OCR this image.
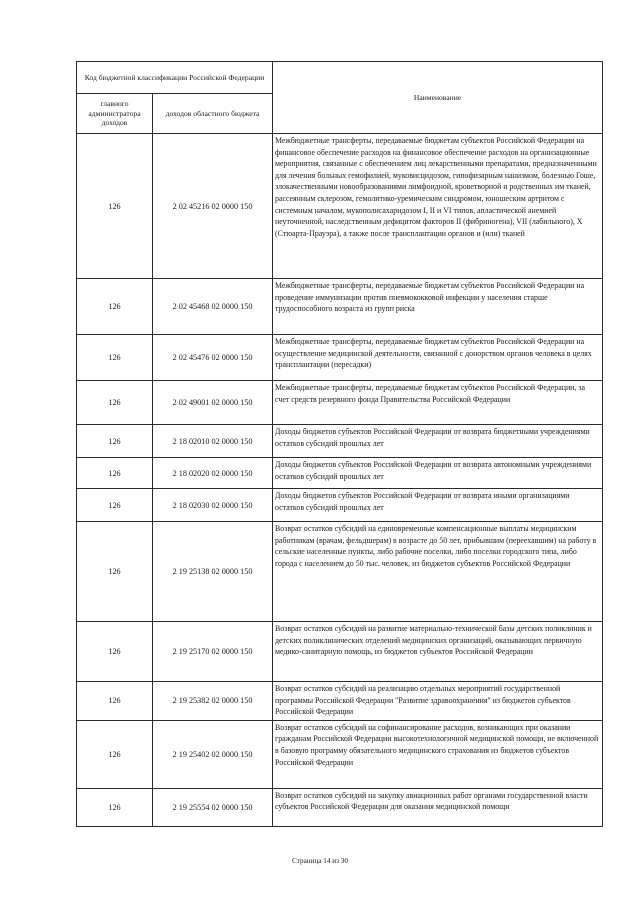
Код бюджетной классификации Российской Федерации		Наименование
главного администратора доходов	доходов областного бюджета	
126	2 02 45216 02 0000 150	Межбюджетные трансферты, передаваемые бюджетам субъектов Российской Федерации на финансовое обеспечение расходов на финансовое обеспечение расходов на организационные мероприятия, связанные с обеспечением лиц лекарственными препаратами, предназначенными для лечения больных гемофилией, муковисцидозом, гипофизарным нанизмом, болезнью Гоше, злокачественными новообразованиями лимфоидной, кроветворной и родственных им тканей, рассеянным склерозом, гемолитико-уремическим синдромом, юношеским артритом с системным началом, мукополисахаридозом I, II и VI типов, апластической анемией неуточненной, наследственным дефицитом факторов II (фибриногена), VII (лабильного), X (Стюарта-Прауэра), а также после трансплантации органов и (или) тканей
126	2 02 45468 02 0000 150	Межбюджетные трансферты, передаваемые бюджетам субъектов Российской Федерации на проведение иммунизации против пневмококковой инфекции у населения старше трудоспособного возраста из групп риска
126	2 02 45476 02 0000 150	Межбюджетные трансферты, передаваемые бюджетам субъектов Российской Федерации на осуществление медицинской деятельности, связанной с донорством органов человека в целях трансплантации (пересадки)
126	2 02 49001 02 0000 150	Межбюджетные трансферты, передаваемые бюджетам субъектов Российской Федерации, за счет средств резервного фонда Правительства Российской Федерации
126	2 18 02010 02 0000 150	Доходы бюджетов субъектов Российской Федерации от возврата бюджетными учреждениями остатков субсидий прошлых лет
126	2 18 02020 02 0000 150	Доходы бюджетов субъектов Российской Федерации от возврата автономными учреждениями остатков субсидий прошлых лет
126	2 18 02030 02 0000 150	Доходы бюджетов субъектов Российской Федерации от возврата иными организациями остатков субсидий прошлых лет
126	2 19 25138 02 0000 150	Возврат остатков субсидий на единовременные компенсационные выплаты медицинским работникам (врачам, фельдшерам) в возрасте до 50 лет, прибывшим (переехавшим) на работу в сельские населенные пункты, либо рабочие поселки, либо поселки городского типа, либо города с населением до 50 тыс. человек, из бюджетов субъектов Российской Федерации
126	2 19 25170 02 0000 150	Возврат остатков субсидий на развитие материально-технической базы детских поликлиник и детских поликлинических отделений медицинских организаций, оказывающих первичную медико-санитарную помощь, из бюджетов субъектов Российской Федерации
126	2 19 25382 02 0000 150	Возврат остатков субсидий на реализацию отдельных мероприятий государственной программы Российской Федерации "Развитие здравоохранения" из бюджетов субъектов Российской Федерации
126	2 19 25402 02 0000 150	Возврат остатков субсидий на софинансирование расходов, возникающих при оказании гражданам Российской Федерации высокотехнологичной медицинской помощи, не включенной в базовую программу обязательного медицинского страхования из бюджетов субъектов Российской Федерации
126	2 19 25554 02 0000 150	Возврат остатков субсидий на закупку авиационных работ органами государственной власти субъектов Российской Федерации для оказания медицинской помощи
Страница 14 из 30
